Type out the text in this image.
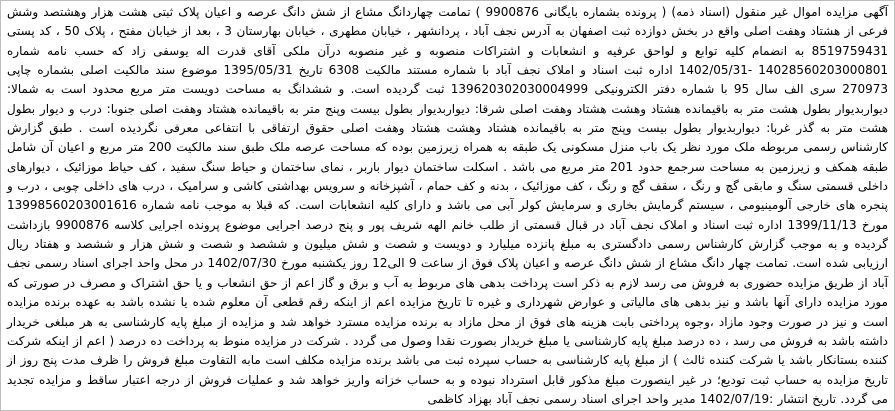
آگهی مزایده اموال غیر منقول (اسناد ذمه) ( پرونده بشماره بایگانی 9900876 ) تمامت چهاردانگ مشاع از شش دانگ عرصه و اعیان پلاک ثبتی هشت هزار وهشتصد وشش فرعی از هشتاد وهفت اصلی واقع در بخش دوازده ثبت اصفهان به آدرس نجف آباد ، پردانشهر ، خیابان مطهری ، خیابان بهارستان 3 ، بعد از خیابان مفتح ، پلاک 50 ، کد پستی 8519759431 به انضمام کلیه توابع و لواحق عرفیه و انشعابات و اشتراکات منصوبه و غیر منصوبه درآن ملکی آقای قدرت اله یوسفی زاد که حسب نامه شماره 14028560203000801 -1402/05/31 اداره ثبت اسناد و املاک نجف آباد با شماره مستند مالکیت 6308 تاریخ 1395/05/31 موضوع سند مالکیت اصلی بشماره چاپی 270973 سری الف سال 95 با شماره دفتر الکترونیکی 139620302030004999 ثبت گردیده است. و ششدانگ به مساحت دویست متر مربع محدود است به شمالا: دیواربدیوار بطول هشت متر به باقیمانده هشتاد وهشت هشتاد وهفت اصلی شرقا: دیواربدیوار بطول بیست وپنج متر به باقیمانده هشتاد وهفت اصلی جنوبا: درب و دیوار بطول هشت متر به گذر غربا: دیواربدیوار بطول بیست وپنج متر به باقیمانده هشتاد وهشت هشتاد وهفت اصلی حقوق ارتفاقی با انتفاعی معرفی نگردیده است . طبق گزارش کارشناس رسمی مربوطه ملک مورد نظر یک باب منزل مسکونی یک طبقه به همراه زیرزمین بوده که مساحت عرصه ملک طبق سند مالکیت 200 متر مربع و اعیان آن شامل طبقه همکف و زیرزمین به مساحت سرجمع حدود 201 متر مربع می باشد . اسکلت ساختمان دیوار باربر ، نمای ساختمان و حیاط سنگ سفید ، کف حیاط موزائیک ، دیوارهای داخلی قسمتی سنگ و مابقی گچ و رنگ ، سقف گچ و رنگ ، کف موزائیک ، بدنه و کف حمام ، آشپزخانه و سرویس بهداشتی کاشی و سرامیک ، درب های داخلی چوبی ، درب و پنجره های خارجی آلومینیومی ، سیستم گرمایش بخاری و سرمایش کولر آبی می باشد و دارای کلیه انشعابات است. که قبلا به موجب نامه شماره 13998560203001616 مورخ 1399/11/13 اداره ثبت اسناد و املاک نجف آباد در قبال قسمتی از طلب خانم الهه شریف پور و پنج درصد اجرایی موضوع پرونده اجرایی کلاسه 9900876 بازداشت گردیده و به موجب گزارش کارشناس رسمی دادگستری به مبلغ پانزده میلیارد و دویست و شصت و شش میلیون و ششصد و شصت و شش هزار و ششصد و هفتاد ریال ارزیابی شده است. تمامت چهار دانگ مشاع از شش دانگ عرصه و اعیان پلاک فوق از ساعت 9 الی12 روز یکشنبه مورخ 1402/07/30 در محل واحد اجرای اسناد رسمی نجف آباد از طریق مزایده حضوری به فروش می رسد لازم به ذکر است پرداخت بدهی های مربوط به آب و برق و گاز اعم از حق انشعاب و یا حق اشتراک و مصرف در صورتی که مورد مزایده دارای آنها باشد و نیز بدهی های مالیاتی و عوارض شهرداری و غیره تا تاریخ مزایده اعم از اینکه رقم قطعی آن معلوم شده یا نشده باشد به عهده برنده مزایده است و نیز در صورت وجود مازاد ،وجوه پرداختی بابت هزینه های فوق از محل مازاد به برنده مزایده مسترد خواهد شد و مزایده از مبلغ پایه کارشناسی به هر مبلغی خریدار داشته باشد به فروش می رسد ، ده درصد مبلغ پایه کارشناسی یا مبلغ خریدار بصورت نقدا وصول می گردد . شرکت در مزایده منوط به پرداخت ده درصد ( اعم از اینکه شرکت کننده بستانکار باشد یا شرکت کننده ثالث ) از مبلغ پایه کارشناسی به حساب سپرده ثبت می باشد برنده مزایده مکلف است مابه التفاوت مبلغ فروش را ظرف مدت پنج روز از تاریخ مزایده به حساب ثبت تودیع؛ در غیر اینصورت مبلغ مذکور قابل استرداد نبوده و به حساب خزانه واریز خواهد شد و عملیات فروش از درجه اعتبار ساقط و مزایده تجدید می گردد. تاریخ انتشار :1402/07/19 مدیر واحد اجرای اسناد رسمی نجف آباد بهزاد کاظمی
